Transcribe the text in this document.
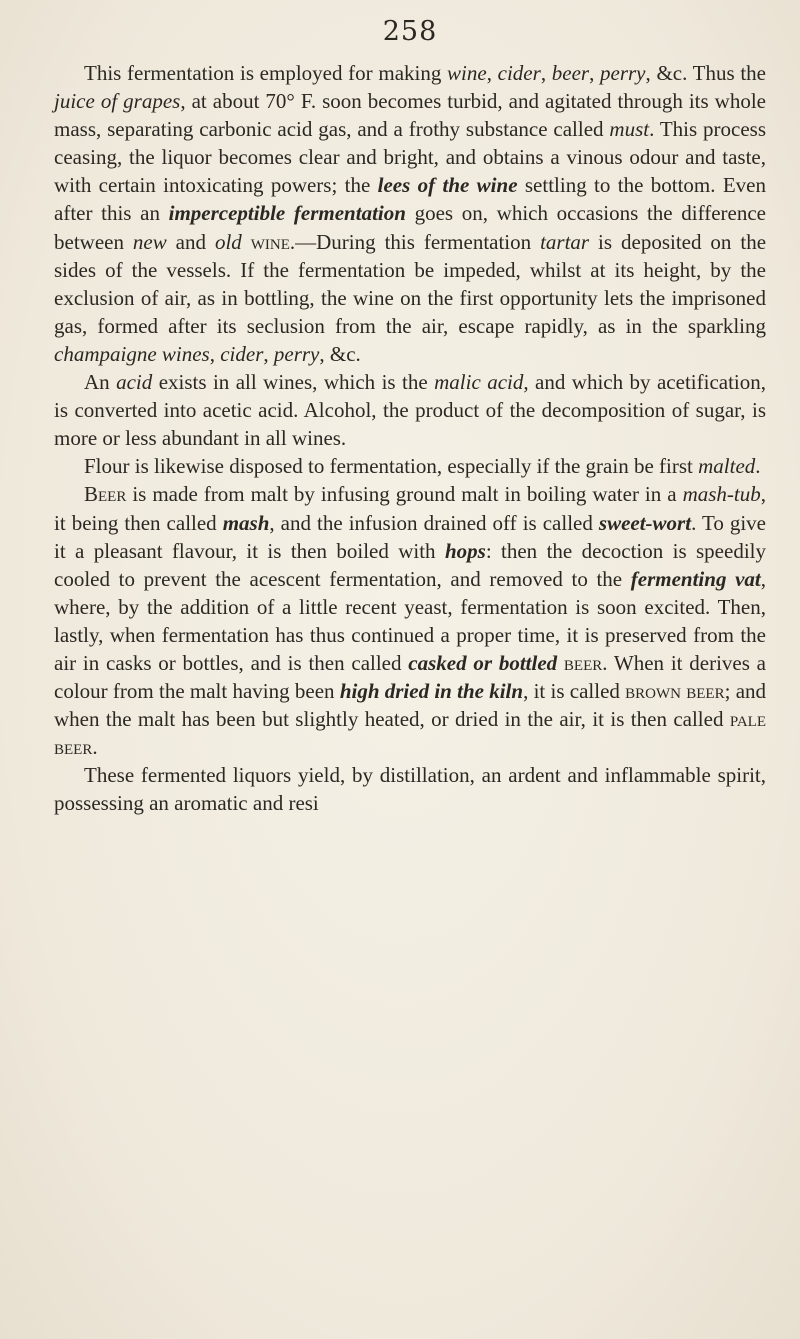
258

This fermentation is employed for making wine, cider, beer, perry, &c. Thus the juice of grapes, at about 70° F. soon becomes turbid, and agitated through its whole mass, separating carbonic acid gas, and a frothy substance called must. This process ceasing, the liquor becomes clear and bright, and obtains a vinous odour and taste, with certain intoxicating powers; the lees of the wine settling to the bottom. Even after this an imperceptible fermentation goes on, which occasions the difference between new and old wine.—During this fermentation tartar is deposited on the sides of the vessels. If the fermentation be impeded, whilst at its height, by the exclusion of air, as in bottling, the wine on the first opportunity lets the imprisoned gas, formed after its seclusion from the air, escape rapidly, as in the sparkling champaigne wines, cider, perry, &c.

An acid exists in all wines, which is the malic acid, and which by acetification, is converted into acetic acid. Alcohol, the product of the decomposition of sugar, is more or less abundant in all wines.

Flour is likewise disposed to fermentation, especially if the grain be first malted.

Beer is made from malt by infusing ground malt in boiling water in a mash-tub, it being then called mash, and the infusion drained off is called sweet-wort. To give it a pleasant flavour, it is then boiled with hops: then the decoction is speedily cooled to prevent the acescent fermentation, and removed to the fermenting vat, where, by the addition of a little recent yeast, fermentation is soon excited. Then, lastly, when fermentation has thus continued a proper time, it is preserved from the air in casks or bottles, and is then called casked or bottled beer. When it derives a colour from the malt having been high dried in the kiln, it is called brown beer; and when the malt has been but slightly heated, or dried in the air, it is then called pale beer.

These fermented liquors yield, by distillation, an ardent and inflammable spirit, possessing an aromatic and resi
